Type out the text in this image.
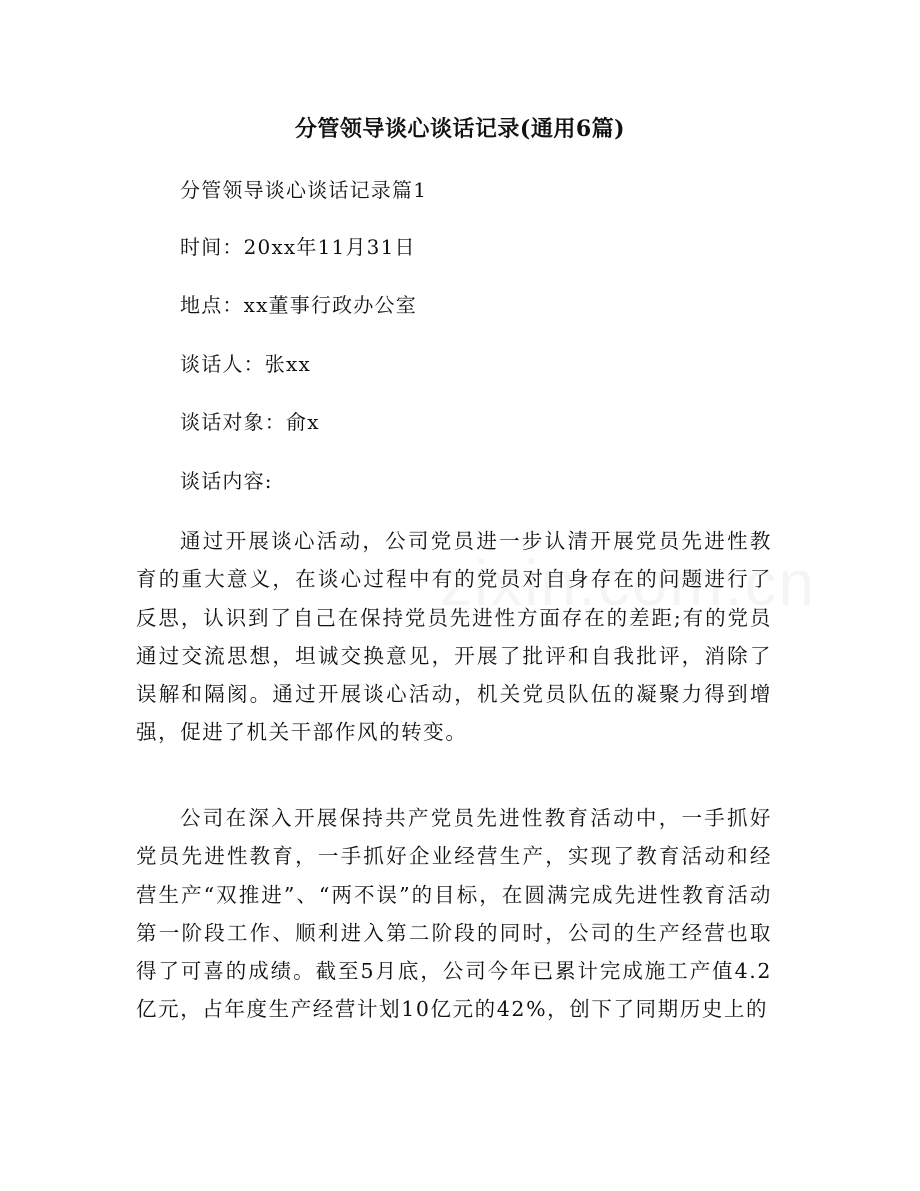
分管领导谈心谈话记录(通用6篇)
分管领导谈心谈话记录篇1
时间：20xx年11月31日
地点：xx董事行政办公室
谈话人：张xx
谈话对象：俞x
谈话内容:

通过开展谈心活动，公司党员进一步认清开展党员先进性教育的重大意义，在谈心过程中有的党员对自身存在的问题进行了反思，认识到了自己在保持党员先进性方面存在的差距;有的党员通过交流思想，坦诚交换意见，开展了批评和自我批评，消除了误解和隔阂。通过开展谈心活动，机关党员队伍的凝聚力得到增强，促进了机关干部作风的转变。

公司在深入开展保持共产党员先进性教育活动中，一手抓好党员先进性教育，一手抓好企业经营生产，实现了教育活动和经营生产“双推进”、“两不误”的目标，在圆满完成先进性教育活动第一阶段工作、顺利进入第二阶段的同时，公司的生产经营也取得了可喜的成绩。截至5月底，公司今年已累计完成施工产值4.2亿元，占年度生产经营计划10亿元的42%，创下了同期历史上的
